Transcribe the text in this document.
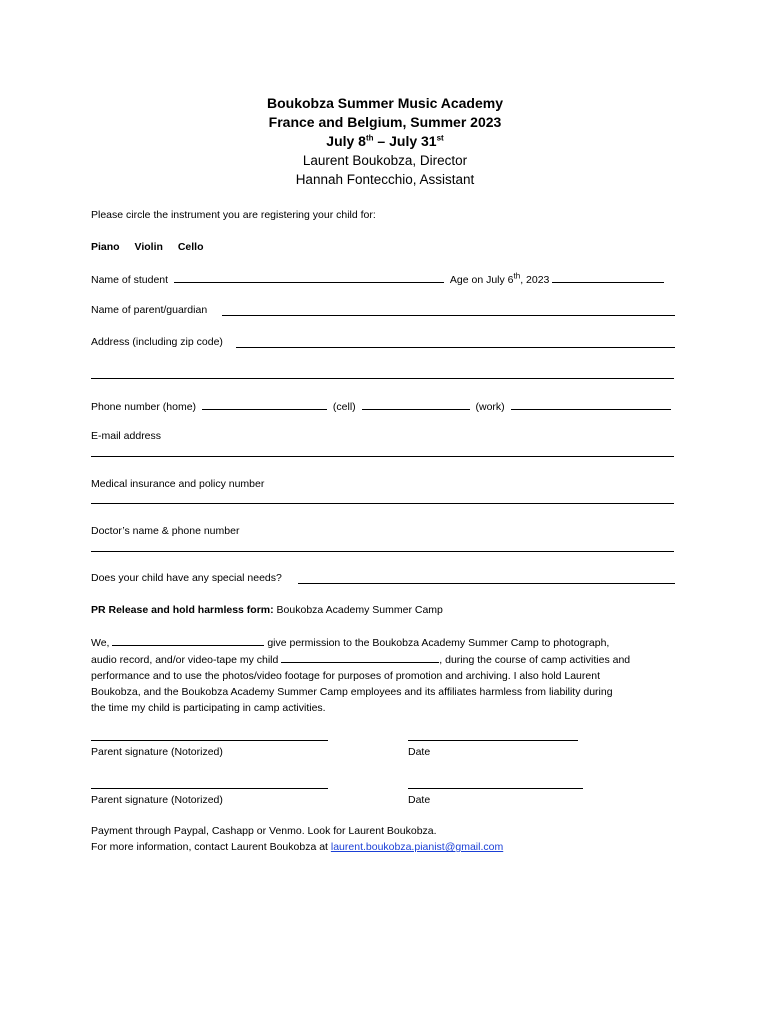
Boukobza Summer Music Academy
France and Belgium, Summer 2023
July 8th – July 31st
Laurent Boukobza, Director
Hannah Fontecchio, Assistant
Please circle the instrument you are registering your child for:
Piano Violin Cello
Name of student	Age on July 6th, 2023
Name of parent/guardian
Address (including zip code)
Phone number (home)	(cell)	(work)
E-mail address
Medical insurance and policy number
Doctor’s name & phone number
Does your child have any special needs?
PR Release and hold harmless form: Boukobza Academy Summer Camp
We,	give permission to the Boukobza Academy Summer Camp to photograph,
audio record, and/or video-tape my child	, during the course of camp activities and
performance and to use the photos/video footage for purposes of promotion and archiving. I also hold Laurent
Boukobza, and the Boukobza Academy Summer Camp employees and its affiliates harmless from liability during
the time my child is participating in camp activities.
Parent signature (Notorized)	Date
Parent signature (Notorized)	Date
Payment through Paypal, Cashapp or Venmo. Look for Laurent Boukobza.
For more information, contact Laurent Boukobza at laurent.boukobza.pianist@gmail.com
